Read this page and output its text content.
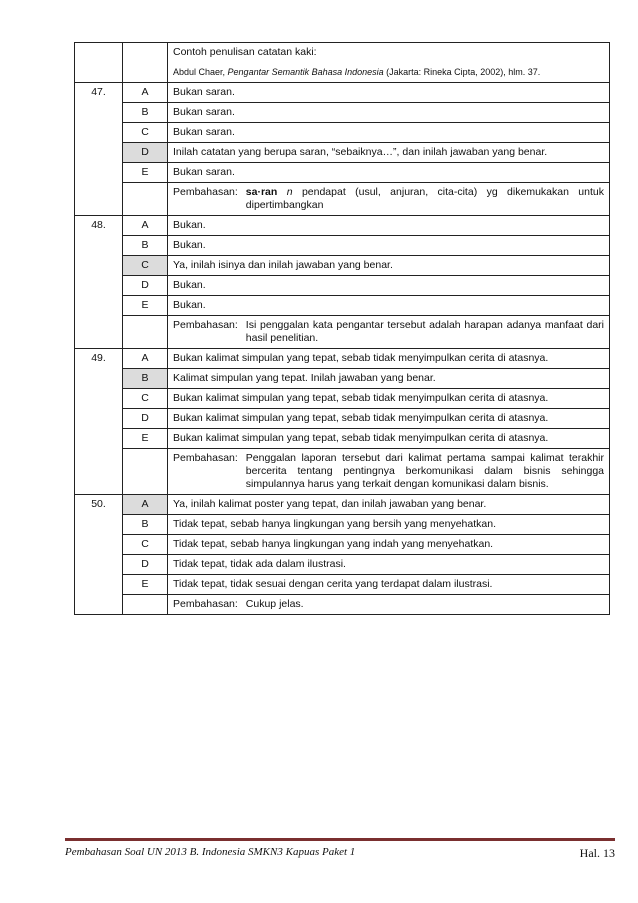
		Contoh penulisan catatan kaki:
Abdul Chaer, Pengantar Semantik Bahasa Indonesia (Jakarta: Rineka Cipta, 2002), hlm. 37.

47.	A	Bukan saran.
	B	Bukan saran.
	C	Bukan saran.
	D	Inilah catatan yang berupa saran, “sebaiknya…”, dan inilah jawaban yang benar.
	E	Bukan saran.

		Pembahasan: sa·ran n pendapat (usul, anjuran, cita-cita) yg dikemukakan untuk dipertimbangkan

48.	A	Bukan.
	B	Bukan.
	C	Ya, inilah isinya dan inilah jawaban yang benar.
	D	Bukan.
	E	Bukan.

		Pembahasan: Isi penggalan kata pengantar tersebut adalah harapan adanya manfaat dari hasil penelitian.

49.	A	Bukan kalimat simpulan yang tepat, sebab tidak menyimpulkan cerita di atasnya.
	B	Kalimat simpulan yang tepat. Inilah jawaban yang benar.
	C	Bukan kalimat simpulan yang tepat, sebab tidak menyimpulkan cerita di atasnya.
	D	Bukan kalimat simpulan yang tepat, sebab tidak menyimpulkan cerita di atasnya.
	E	Bukan kalimat simpulan yang tepat, sebab tidak menyimpulkan cerita di atasnya.

		Pembahasan: Penggalan laporan tersebut dari kalimat pertama sampai kalimat terakhir bercerita tentang pentingnya berkomunikasi dalam bisnis sehingga simpulannya harus yang terkait dengan komunikasi dalam bisnis.

50.	A	Ya, inilah kalimat poster yang tepat, dan inilah jawaban yang benar.
	B	Tidak tepat, sebab hanya lingkungan yang bersih yang menyehatkan.
	C	Tidak tepat, sebab hanya lingkungan yang indah yang menyehatkan.
	D	Tidak tepat, tidak ada dalam ilustrasi.
	E	Tidak tepat, tidak sesuai dengan cerita yang terdapat dalam ilustrasi.

		Pembahasan: Cukup jelas.
Pembahasan Soal UN 2013 B. Indonesia SMKN3 Kapuas Paket 1	Hal. 13
